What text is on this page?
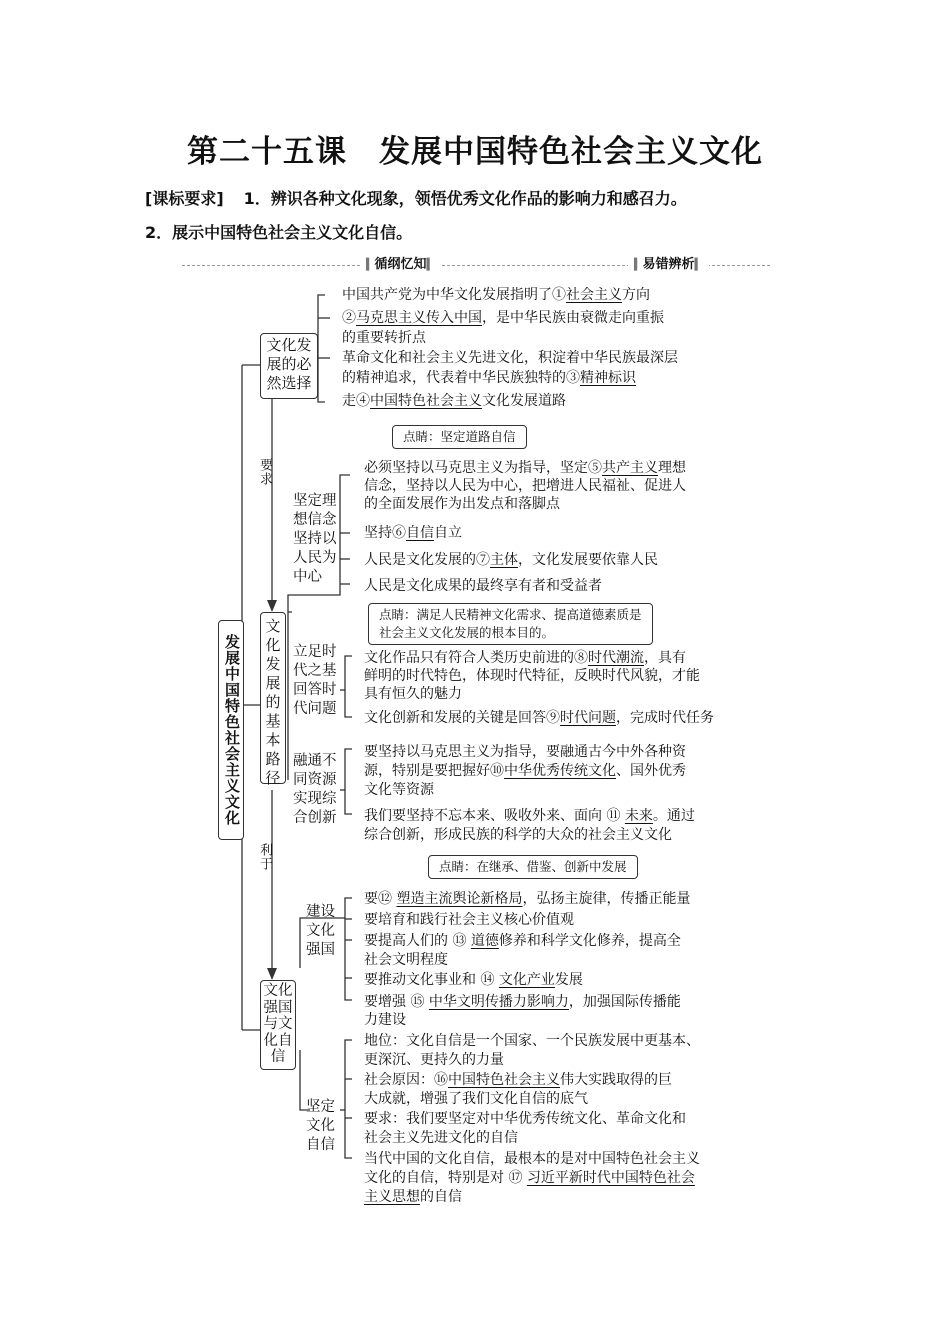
第二十五课　发展中国特色社会主义文化
[课标要求] 1．辨识各种文化现象，领悟优秀文化作品的影响力和感召力。
2．展示中国特色社会主义文化自信。
▍ 循纲忆知 ▍
▍	易错辨析 ▍
发展中国特色社会主义文化
文化发展的必然选择
中国共产党为中华文化发展指明了①社会主义方向
②马克思主义传入中国，是中华民族由衰微走向重振
的重要转折点
革命文化和社会主义先进文化，积淀着中华民族最深层
的精神追求，代表着中华民族独特的③精神标识
走④中国特色社会主义文化发展道路
点睛：坚定道路自信
要求
利于
文化发展的基本路径
坚定理想信念坚持以人民为中心
必须坚持以马克思主义为指导，坚定⑤共产主义理想
信念，坚持以人民为中心，把增进人民福祉、促进人
的全面发展作为出发点和落脚点
坚持⑥自信自立
人民是文化发展的⑦主体，文化发展要依靠人民
人民是文化成果的最终享有者和受益者
点睛：满足人民精神文化需求、提高道德素质是
社会主义文化发展的根本目的。
立足时代之基回答时代问题
文化作品只有符合人类历史前进的⑧时代潮流，具有
鲜明的时代特色，体现时代特征，反映时代风貌，才能
具有恒久的魅力
文化创新和发展的关键是回答⑨时代问题，完成时代任务
融通不同资源实现综合创新
要坚持以马克思主义为指导，要融通古今中外各种资
源，特别是要把握好⑩中华优秀传统文化、国外优秀
文化等资源
我们要坚持不忘本来、吸收外来、面向 ⑪ 未来。通过
综合创新，形成民族的科学的大众的社会主义文化
点睛：在继承、借鉴、创新中发展
文化强国与文化自信
建设文化强国
要⑫ 塑造主流舆论新格局，弘扬主旋律，传播正能量
要培育和践行社会主义核心价值观
要提高人们的 ⑬ 道德修养和科学文化修养，提高全
社会文明程度
要推动文化事业和 ⑭ 文化产业发展
要增强 ⑮ 中华文明传播力影响力，加强国际传播能
力建设
坚定文化自信
地位：文化自信是一个国家、一个民族发展中更基本、
更深沉、更持久的力量
社会原因：⑯中国特色社会主义伟大实践取得的巨
大成就，增强了我们文化自信的底气
要求：我们要坚定对中华优秀传统文化、革命文化和
社会主义先进文化的自信
当代中国的文化自信，最根本的是对中国特色社会主义
文化的自信，特别是对 ⑰ 习近平新时代中国特色社会
主义思想的自信
